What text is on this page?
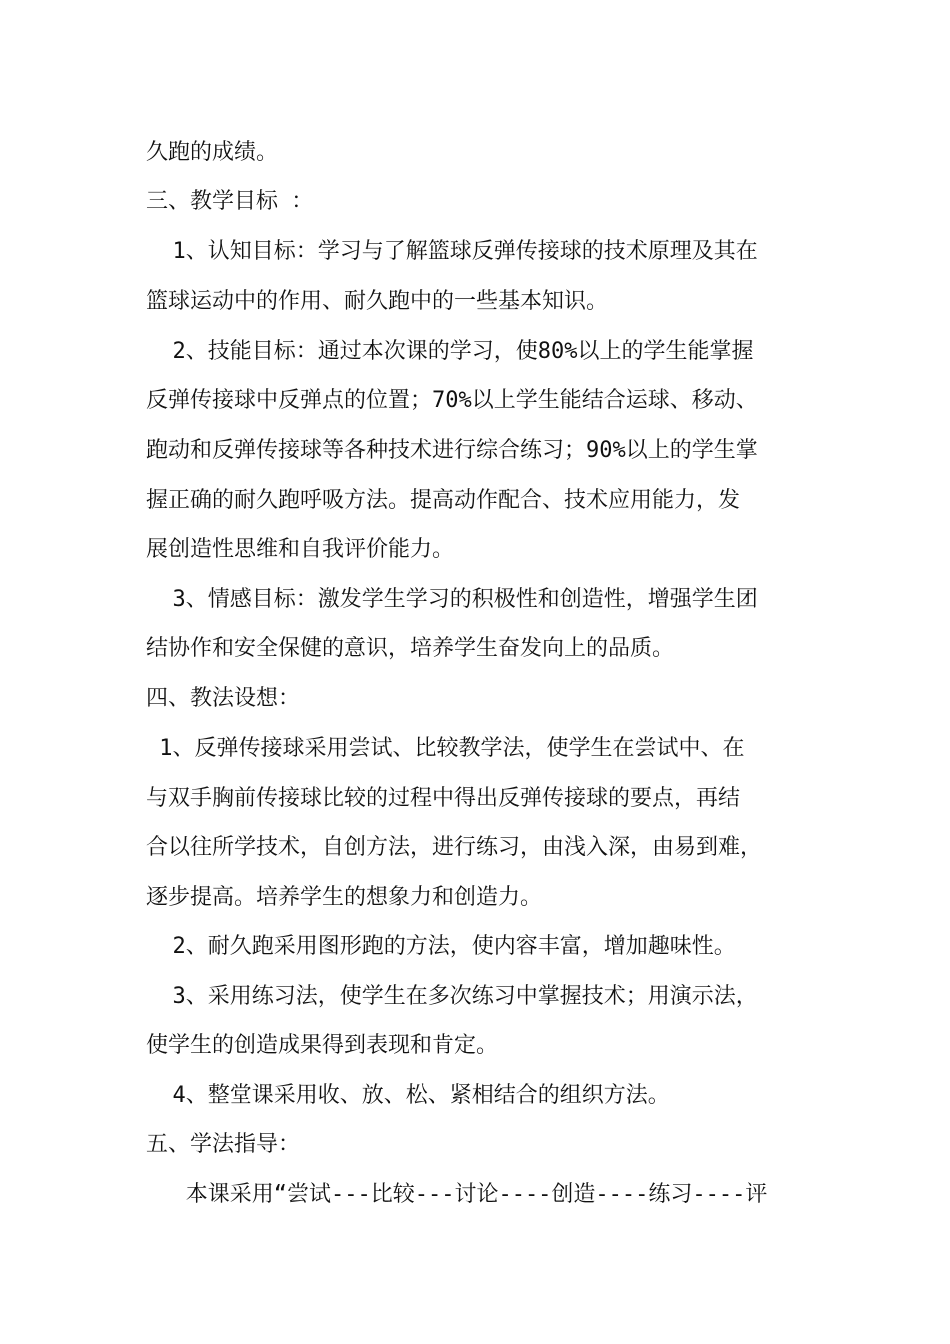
久跑的成绩。
三、教学目标 ：
1、认知目标：学习与了解篮球反弹传接球的技术原理及其在
篮球运动中的作用、耐久跑中的一些基本知识。
2、技能目标：通过本次课的学习，使80%以上的学生能掌握
反弹传接球中反弹点的位置；70%以上学生能结合运球、移动、
跑动和反弹传接球等各种技术进行综合练习；90%以上的学生掌
握正确的耐久跑呼吸方法。提高动作配合、技术应用能力，发
展创造性思维和自我评价能力。
3、情感目标：激发学生学习的积极性和创造性，增强学生团
结协作和安全保健的意识，培养学生奋发向上的品质。
四、教法设想：
1、反弹传接球采用尝试、比较教学法，使学生在尝试中、在
与双手胸前传接球比较的过程中得出反弹传接球的要点，再结
合以往所学技术，自创方法，进行练习，由浅入深，由易到难，
逐步提高。培养学生的想象力和创造力。
2、耐久跑采用图形跑的方法，使内容丰富，增加趣味性。
3、采用练习法，使学生在多次练习中掌握技术；用演示法，
使学生的创造成果得到表现和肯定。
4、整堂课采用收、放、松、紧相结合的组织方法。
五、学法指导：
本课采用“尝试---比较---讨论----创造----练习----评
